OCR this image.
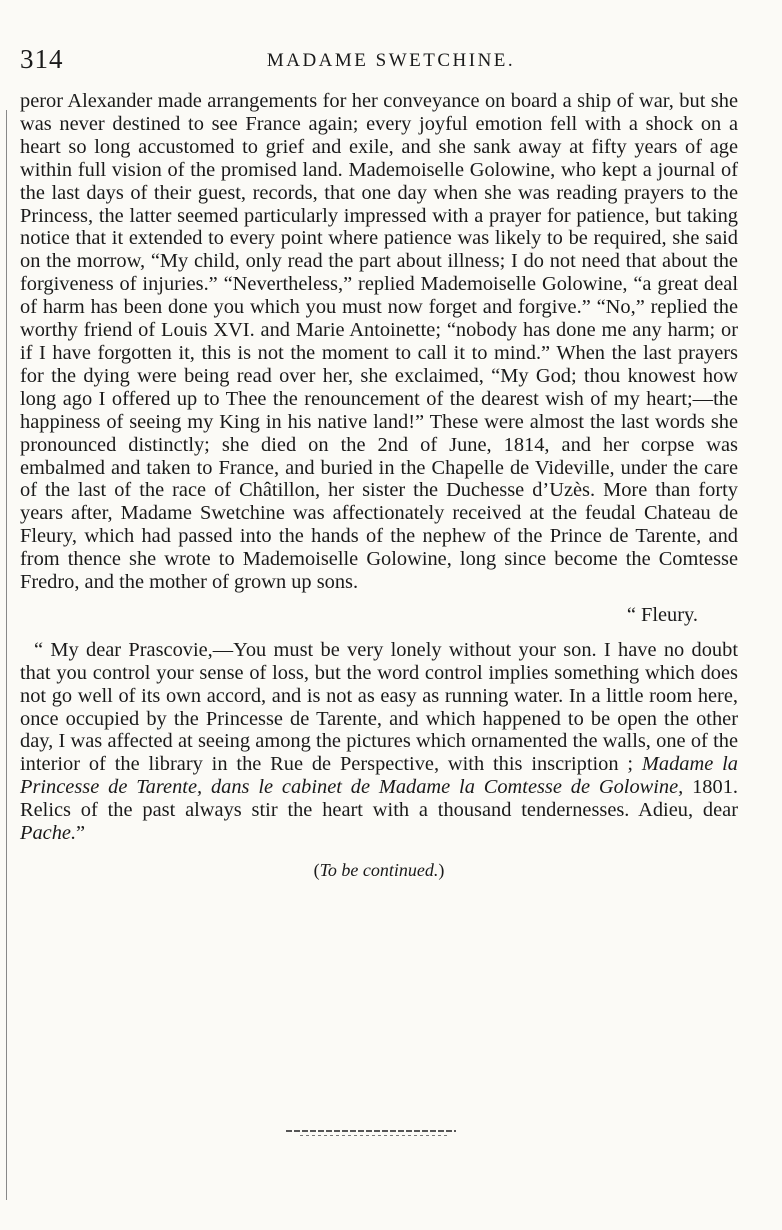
314	MADAME SWETCHINE.

peror Alexander made arrangements for her conveyance on board a ship of war, but she was never destined to see France again; every joyful emotion fell with a shock on a heart so long accustomed to grief and exile, and she sank away at fifty years of age within full vision of the promised land. Mademoiselle Golowine, who kept a journal of the last days of their guest, records, that one day when she was reading prayers to the Princess, the latter seemed particularly impressed with a prayer for patience, but taking notice that it extended to every point where patience was likely to be required, she said on the morrow, “My child, only read the part about illness; I do not need that about the forgiveness of injuries.” “Nevertheless,” replied Mademoiselle Golowine, “a great deal of harm has been done you which you must now forget and forgive.” “No,” replied the worthy friend of Louis XVI. and Marie Antoinette; “nobody has done me any harm; or if I have forgotten it, this is not the moment to call it to mind.” When the last prayers for the dying were being read over her, she exclaimed, “My God; thou knowest how long ago I offered up to Thee the renouncement of the dearest wish of my heart;—the happiness of seeing my King in his native land!” These were almost the last words she pronounced distinctly; she died on the 2nd of June, 1814, and her corpse was embalmed and taken to France, and buried in the Chapelle de Videville, under the care of the last of the race of Châtillon, her sister the Duchesse d’Uzès. More than forty years after, Madame Swetchine was affectionately received at the feudal Chateau de Fleury, which had passed into the hands of the nephew of the Prince de Tarente, and from thence she wrote to Mademoiselle Golowine, long since become the Comtesse Fredro, and the mother of grown up sons.

“ Fleury.

“ My dear Prascovie,—You must be very lonely without your son. I have no doubt that you control your sense of loss, but the word control implies something which does not go well of its own accord, and is not as easy as running water. In a little room here, once occupied by the Princesse de Tarente, and which happened to be open the other day, I was affected at seeing among the pictures which ornamented the walls, one of the interior of the library in the Rue de Perspective, with this inscription ; Madame la Princesse de Tarente, dans le cabinet de Madame la Comtesse de Golowine, 1801. Relics of the past always stir the heart with a thousand tendernesses. Adieu, dear Pache.”

(To be continued.)
